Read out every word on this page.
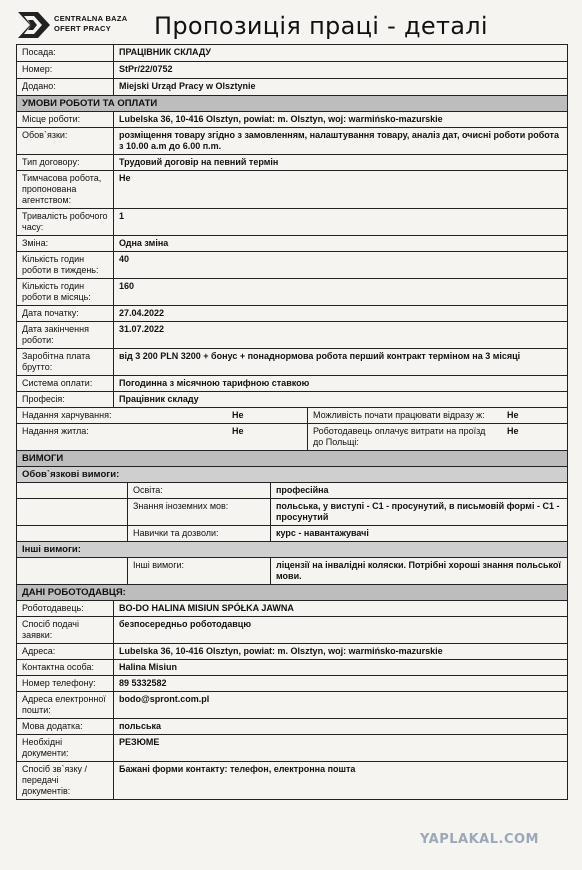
CENTRALNA BAZA
OFERT PRACY	Пропозиція праці - деталі
Посада:	ПРАЦІВНИК СКЛАДУ
Номер:	StPr/22/0752
Додано:	Miejski Urząd Pracy w Olsztynie
УМОВИ РОБОТИ ТА ОПЛАТИ
Місце роботи:	Lubelska 36, 10-416 Olsztyn, powiat: m. Olsztyn, woj: warmińsko-mazurskie
Обов`язки:	розміщення товару згідно з замовленням, налаштування товару, аналіз дат, очисні роботи робота з 10.00 а.m до 6.00 п.m.
Тип договору:	Трудовий договір на певний термін
Тимчасова робота, пропонована агентством:	Не
Тривалість робочого часу:	1
Зміна:	Одна зміна
Кількість годин роботи в тиждень:	40
Кількість годин роботи в місяць:	160
Дата початку:	27.04.2022
Дата закінчення роботи:	31.07.2022
Заробітна плата брутто:	від 3 200 PLN 3200 + бонус + понаднормова робота перший контракт терміном на 3 місяці
Система оплати:	Погодинна з місячною тарифною ставкою
Професія:	Працівник складу

Надання харчування:	Не	Можливість почати працювати відразу ж:	Не

Надання житла:	Не	Роботодавець оплачує витрати на проїзд до Польщі:	Не

ВИМОГИ
Обов`язкові вимоги:

	Освіта:	професійна

	Знання іноземних мов:	польська, у виступі - C1 - просунутий, в письмовій формі - C1 - просунутий

	Навички та дозволи:	курс - навантажувачі

Інші вимоги:

	Інші вимоги:	ліцензії на інвалідні коляски. Потрібні хороші знання польської мови.

ДАНІ РОБОТОДАВЦЯ:
Роботодавець:	BO-DO HALINA MISIUN SPÓŁKA JAWNA
Спосіб подачі заявки:	безпосередньо роботодавцю
Адреса:	Lubelska 36, 10-416 Olsztyn, powiat: m. Olsztyn, woj: warmińsko-mazurskie
Контактна особа:	Halina Misiun
Номер телефону:	89 5332582
Адреса електронної пошти:	bodo@spront.com.pl
Мова додатка:	польська
Необхідні документи:	РЕЗЮМЕ
Спосіб зв`язку / передачі документів:	Бажані форми контакту: телефон, електронна пошта
YAPLAKAL.COM
